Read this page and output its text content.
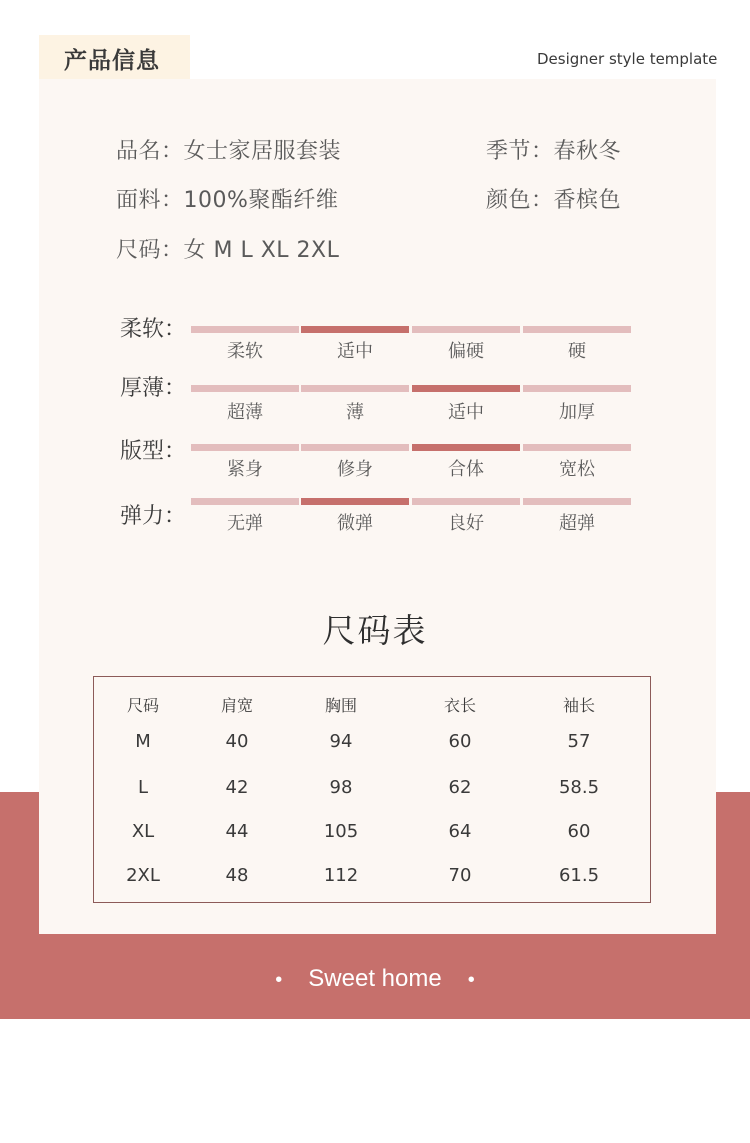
产品信息	Designer style template
品名：女士家居服套装	季节：春秋冬
面料：100%聚酯纤维	颜色：香槟色
尺码：女 M L XL 2XL
柔软：
柔软	适中	偏硬	硬
厚薄：
超薄	薄	适中	加厚
版型：
紧身	修身	合体	宽松
弹力：	无弹	微弹	良好	超弹
尺码表
尺码	肩宽	胸围	衣长	袖长
M	40	94	60	57
L	42	98	62	58.5
XL	44	105	64	60
2XL	48	112	70	61.5
• Sweet home •
